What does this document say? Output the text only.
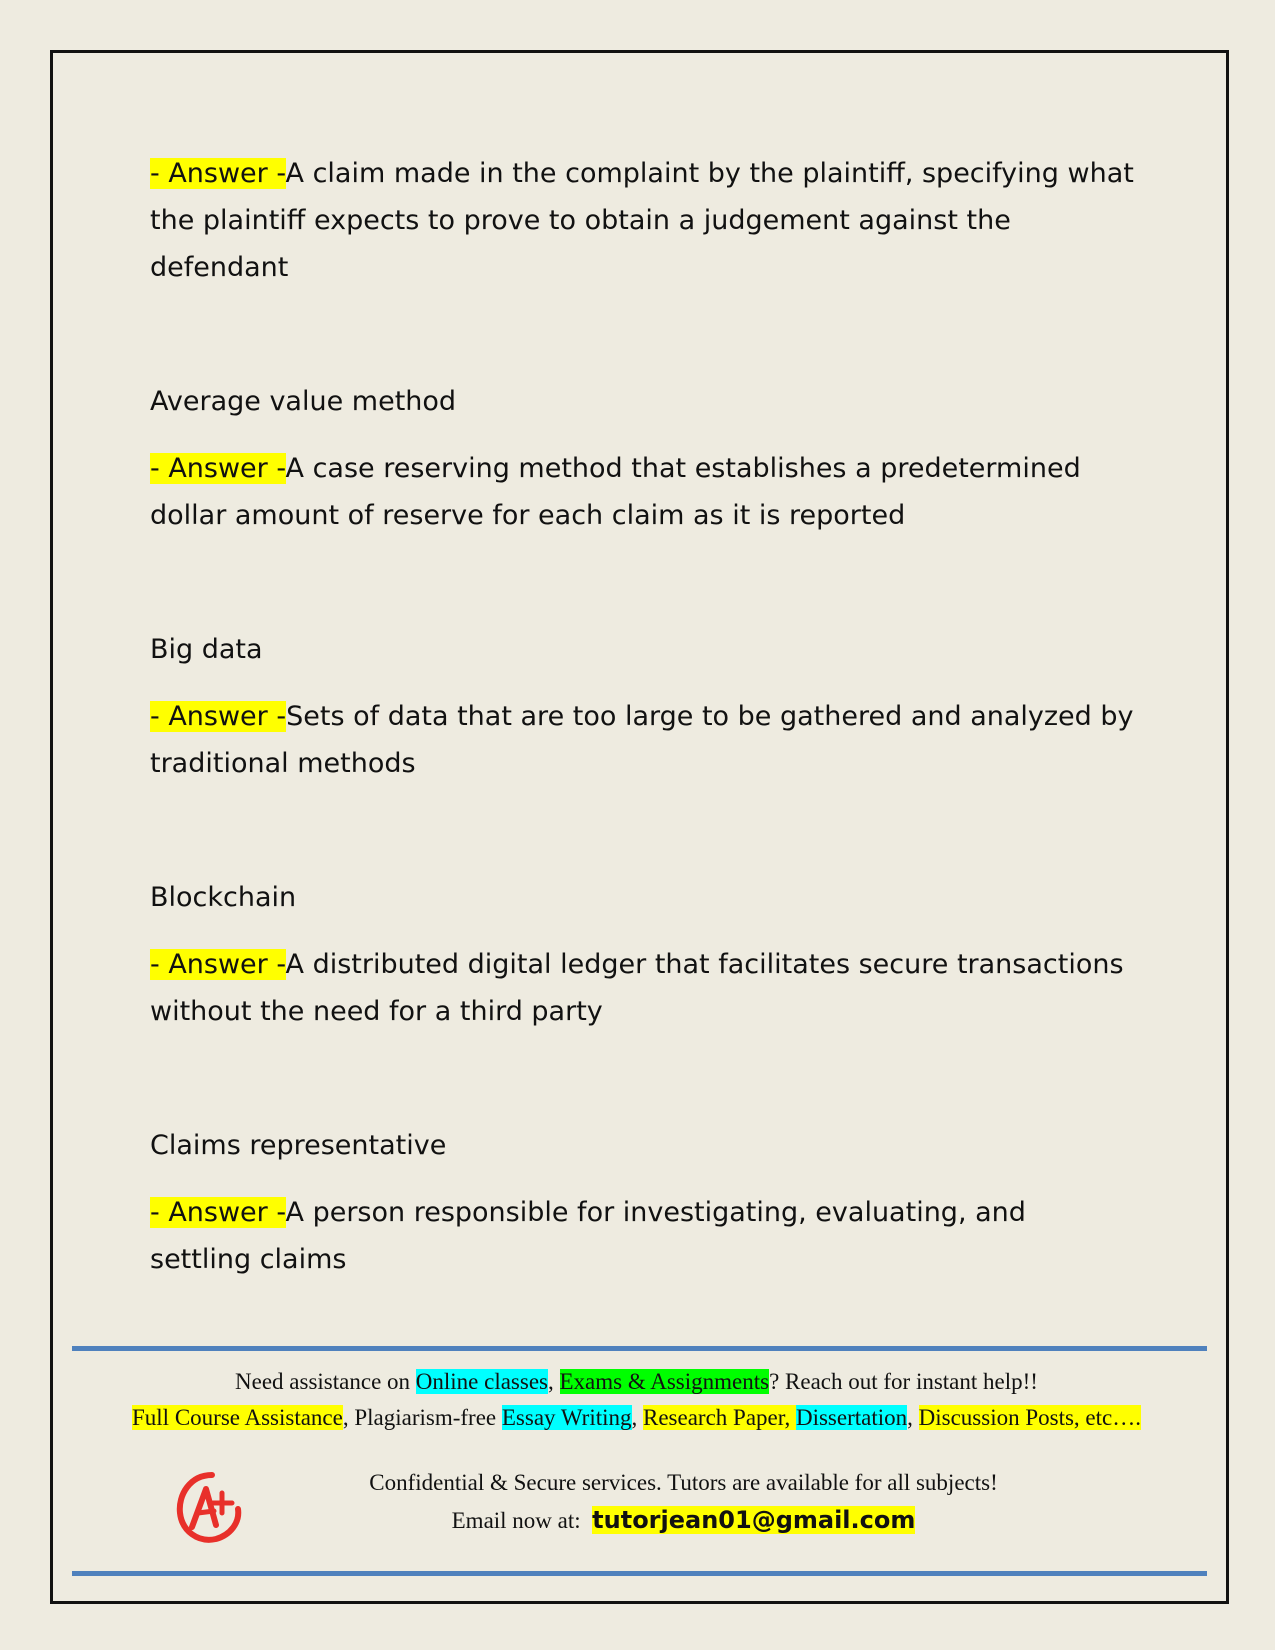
- Answer -A claim made in the complaint by the plaintiff, specifying what the plaintiff expects to prove to obtain a judgement against the defendant

Average value method

- Answer -A case reserving method that establishes a predetermined dollar amount of reserve for each claim as it is reported

Big data

- Answer -Sets of data that are too large to be gathered and analyzed by traditional methods

Blockchain

- Answer -A distributed digital ledger that facilitates secure transactions without the need for a third party

Claims representative

- Answer -A person responsible for investigating, evaluating, and settling claims

Need assistance on Online classes, Exams & Assignments? Reach out for instant help!!
Full Course Assistance, Plagiarism-free Essay Writing, Research Paper, Dissertation, Discussion Posts, etc….
Confidential & Secure services. Tutors are available for all subjects!
Email now at: tutorjean01@gmail.com
